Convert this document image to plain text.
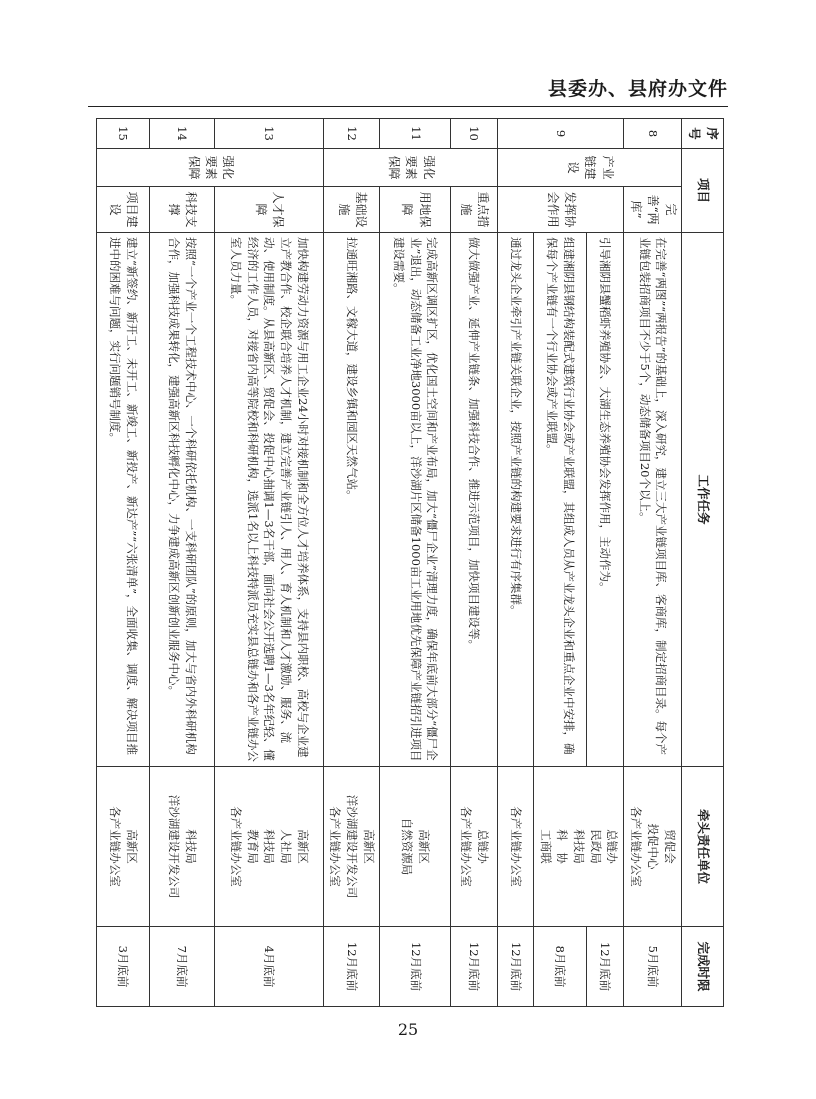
县委办、县府办文件
序号	项目		工作任务	牵头责任单位	完成时限
8	产业链建设	完善“两库”	在完善“两图”“两报告”的基础上，深入研究，建立三大产业链项目库、客商库，制定招商目录。每个产业链包装招商项目不少于5个，动态储备项目20个以上。	贸促会
投促中心
各产业链办公室	5月底前
9		发挥协会作用	引导湘阴县蟹稻虾养殖协会、大湖生态养殖协会发挥作用，主动作为。	总链办
民政局
科技局
科　协
工商联	12月底前
			组建湘阴县钢结构装配式建筑行业协会或产业联盟，其组成人员从产业龙头企业和重点企业中安排，确保每个产业链有一个行业协会或产业联盟。		8月底前
			通过龙头企业牵引产业链关联企业，按照产业链的构建要求进行有序集群。	各产业链办公室	12月底前
10	强化要素保障	重点措施	做大做强产业、延伸产业链条、加强科技合作、推进示范项目，加快项目建设等。	总链办
各产业链办公室	12月底前
11		用地保障	完成高新区调区扩区，优化国土空间和产业布局，加大“僵尸企业”清理力度，确保年底前大部分“僵尸企业”退出，动态储备工业净地3000亩以上，洋沙湖片区储备1000亩工业用地优先保障产业链招引进项目建设需要。	高新区
自然资源局	12月底前
12		基础设施	拉通旺湘路、文稼大道，建设乡镇和园区天然气站。	高新区
洋沙湖建设开发公司
各产业链办公室	12月底前
13	强化要素保障	人才保障	加快构建劳动力资源与用工企业24小时对接机制和全方位人才培养体系，支持县内职校、高校与企业建立产教合作、校企联合培养人才机制，建立完善产业链引人、用人、育人机制和人才激励、服务、流动、使用制度。从县高新区、贸促会、投促中心抽调1—3名干部，面向社会公开选聘1—3名年纪轻、懂经济的工作人员，对接省内高等院校和科研机构，选派1名以上科技特派员充实县总链办和各产业链办公室人员力量。	高新区
人社局
科技局
教育局
各产业链办公室	4月底前
14		科技支撑	按照“一个产业一个工程技术中心、一个科研依托机构、一支科研团队”的原则，加大与省内外科研机构合作，加强科技成果转化，建强高新区科技孵化中心，力争建成高新区创新创业服务中心。	科技局
洋沙湖建设开发公司	7月底前
15		项目建设	建立“新签约、新开工、未开工、新竣工、新投产、新达产”“六张清单”，全面收集、调度、解决项目推进中的困难与问题，实行问题销号制度。	高新区
各产业链办公室	3月底前
25
